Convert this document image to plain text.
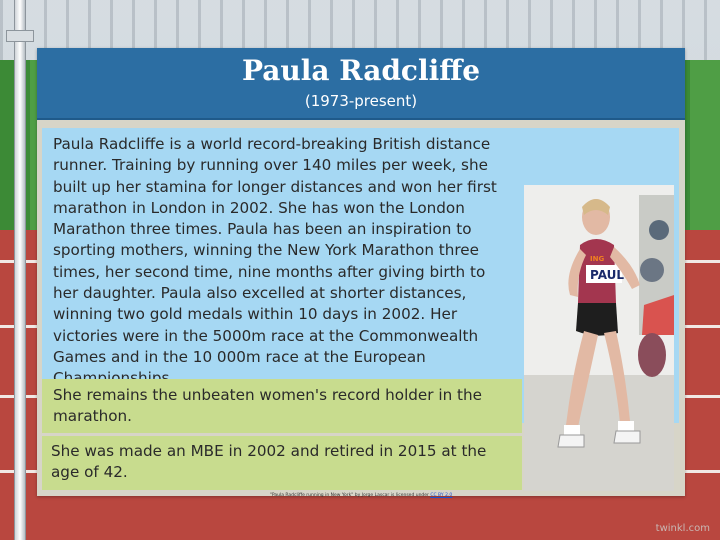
Paula Radcliffe
(1973-present)
Paula Radcliffe is a world record-breaking British distance runner. Training by running over 140 miles per week, she built up her stamina for longer distances and won her first marathon in London in 2002. She has won the London Marathon three times. Paula has been an inspiration to sporting mothers, winning the New York Marathon three times, her second time, nine months after giving birth to her daughter. Paula also excelled at shorter distances, winning two gold medals within 10 days in 2002. Her victories were in the 5000m race at the Commonwealth Games and in the 10 000m race at the European

She remains the unbeaten women's record holder in the marathon.

She was made an MBE in 2002 and retired in 2015 at the age of 42.

PAUL
ING
"Paula Radcliffe running in New York" by Jorge Lascar is licensed under CC BY 2.0
twinkl.com
